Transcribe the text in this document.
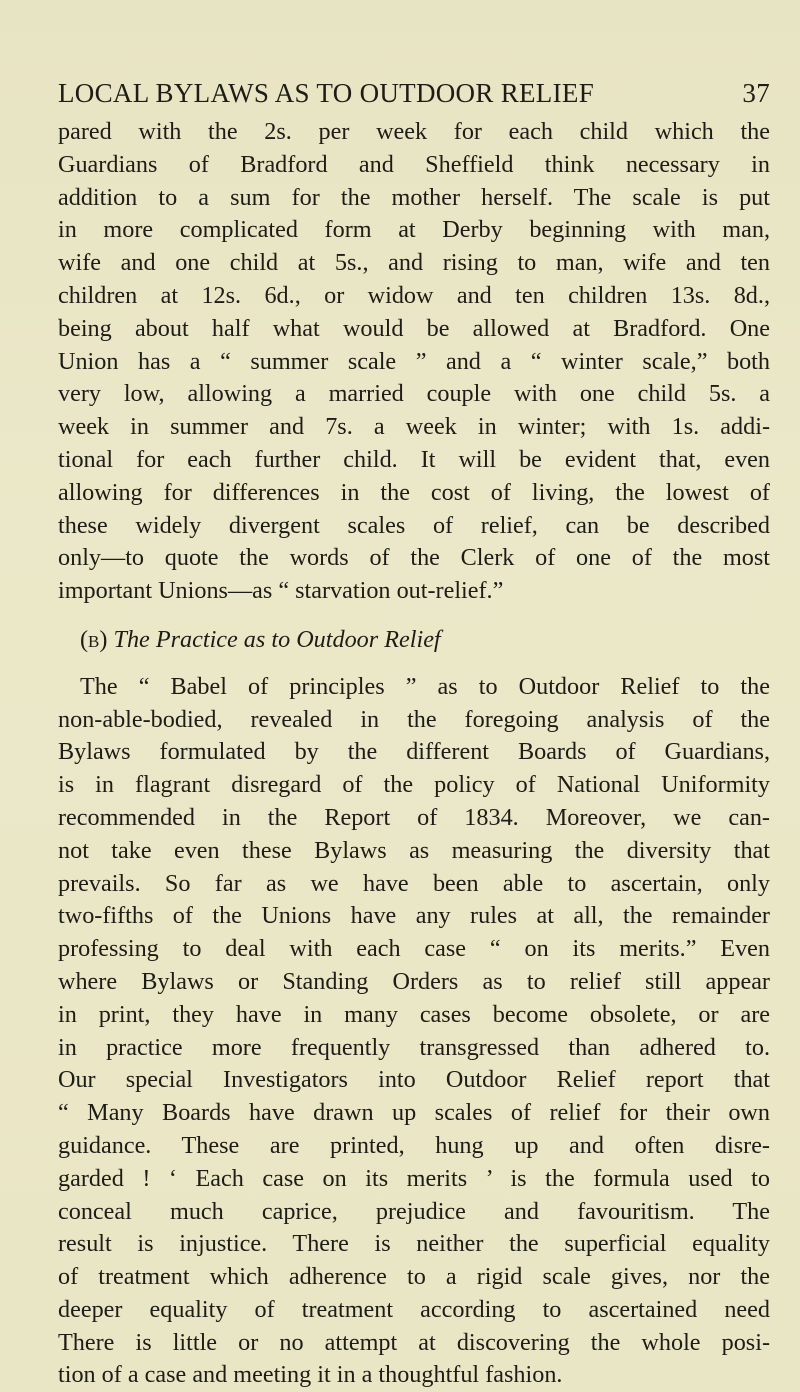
LOCAL BYLAWS AS TO OUTDOOR RELIEF	37
pared with the 2s. per week for each child which the
Guardians of Bradford and Sheffield think necessary in
addition to a sum for the mother herself. The scale is put
in more complicated form at Derby beginning with man,
wife and one child at 5s., and rising to man, wife and ten
children at 12s. 6d., or widow and ten children 13s. 8d.,
being about half what would be allowed at Bradford. One
Union has a “ summer scale ” and a “ winter scale,” both
very low, allowing a married couple with one child 5s. a
week in summer and 7s. a week in winter; with 1s. addi-
tional for each further child. It will be evident that, even
allowing for differences in the cost of living, the lowest of
these widely divergent scales of relief, can be described
only—to quote the words of the Clerk of one of the most
important Unions—as “ starvation out-relief.”
(b) The Practice as to Outdoor Relief
The “ Babel of principles ” as to Outdoor Relief to the
non-able-bodied, revealed in the foregoing analysis of the
Bylaws formulated by the different Boards of Guardians,
is in flagrant disregard of the policy of National Uniformity
recommended in the Report of 1834. Moreover, we can-
not take even these Bylaws as measuring the diversity that
prevails. So far as we have been able to ascertain, only
two-fifths of the Unions have any rules at all, the remainder
professing to deal with each case “ on its merits.” Even
where Bylaws or Standing Orders as to relief still appear
in print, they have in many cases become obsolete, or are
in practice more frequently transgressed than adhered to.
Our special Investigators into Outdoor Relief report that
“ Many Boards have drawn up scales of relief for their own
guidance. These are printed, hung up and often disre-
garded ! ‘ Each case on its merits ’ is the formula used to
conceal much caprice, prejudice and favouritism. The
result is injustice. There is neither the superficial equality
of treatment which adherence to a rigid scale gives, nor the
deeper equality of treatment according to ascertained need
There is little or no attempt at discovering the whole posi-
tion of a case and meeting it in a thoughtful fashion.
